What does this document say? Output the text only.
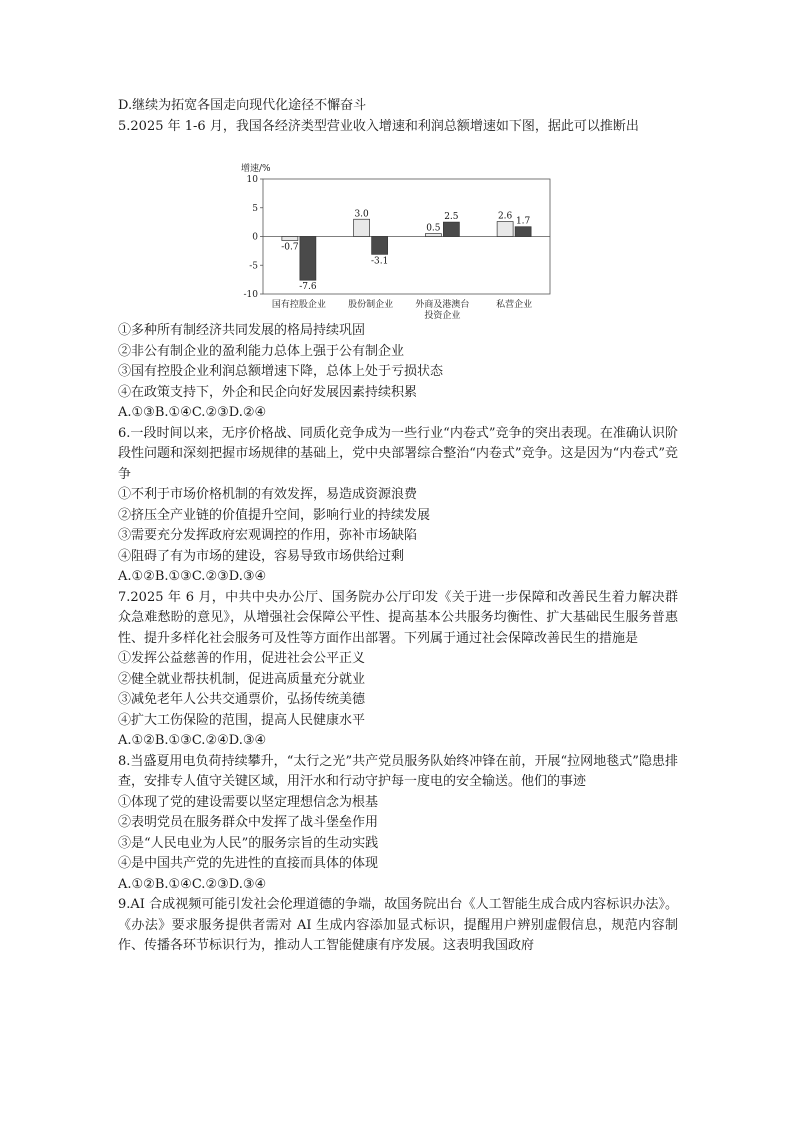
D.继续为拓宽各国走向现代化途径不懈奋斗

5.2025 年 1-6 月，我国各经济类型营业收入增速和利润总额增速如下图，据此可以推断出

增速/%
10
5
0
-5
-10
-0.7
-7.6
国有控股企业
3.0
-3.1
股份制企业
0.5
2.5
外商及港澳台
投资企业
2.6
1.7
私营企业

①多种所有制经济共同发展的格局持续巩固

②非公有制企业的盈利能力总体上强于公有制企业

③国有控股企业利润总额增速下降，总体上处于亏损状态

④在政策支持下，外企和民企向好发展因素持续积累

A.①③B.①④C.②③D.②④

6.一段时间以来，无序价格战、同质化竞争成为一些行业“内卷式”竞争的突出表现。在准确认识阶段性问题和深刻把握市场规律的基础上，党中央部署综合整治“内卷式”竞争。这是因为“内卷式”竞争

①不利于市场价格机制的有效发挥，易造成资源浪费

②挤压全产业链的价值提升空间，影响行业的持续发展

③需要充分发挥政府宏观调控的作用，弥补市场缺陷

④阻碍了有为市场的建设，容易导致市场供给过剩

A.①②B.①③C.②③D.③④

7.2025 年 6 月，中共中央办公厅、国务院办公厅印发《关于进一步保障和改善民生着力解决群众急难愁盼的意见》，从增强社会保障公平性、提高基本公共服务均衡性、扩大基础民生服务普惠性、提升多样化社会服务可及性等方面作出部署。下列属于通过社会保障改善民生的措施是

①发挥公益慈善的作用，促进社会公平正义

②健全就业帮扶机制，促进高质量充分就业

③减免老年人公共交通票价，弘扬传统美德

④扩大工伤保险的范围，提高人民健康水平

A.①②B.①③C.②④D.③④

8.当盛夏用电负荷持续攀升，“太行之光”共产党员服务队始终冲锋在前，开展“拉网地毯式”隐患排查，安排专人值守关键区域，用汗水和行动守护每一度电的安全输送。他们的事迹

①体现了党的建设需要以坚定理想信念为根基

②表明党员在服务群众中发挥了战斗堡垒作用

③是“人民电业为人民”的服务宗旨的生动实践

④是中国共产党的先进性的直接而具体的体现

A.①②B.①④C.②③D.③④

9.AI 合成视频可能引发社会伦理道德的争端，故国务院出台《人工智能生成合成内容标识办法》。《办法》要求服务提供者需对 AI 生成内容添加显式标识，提醒用户辨别虚假信息，规范内容制作、传播各环节标识行为，推动人工智能健康有序发展。这表明我国政府
